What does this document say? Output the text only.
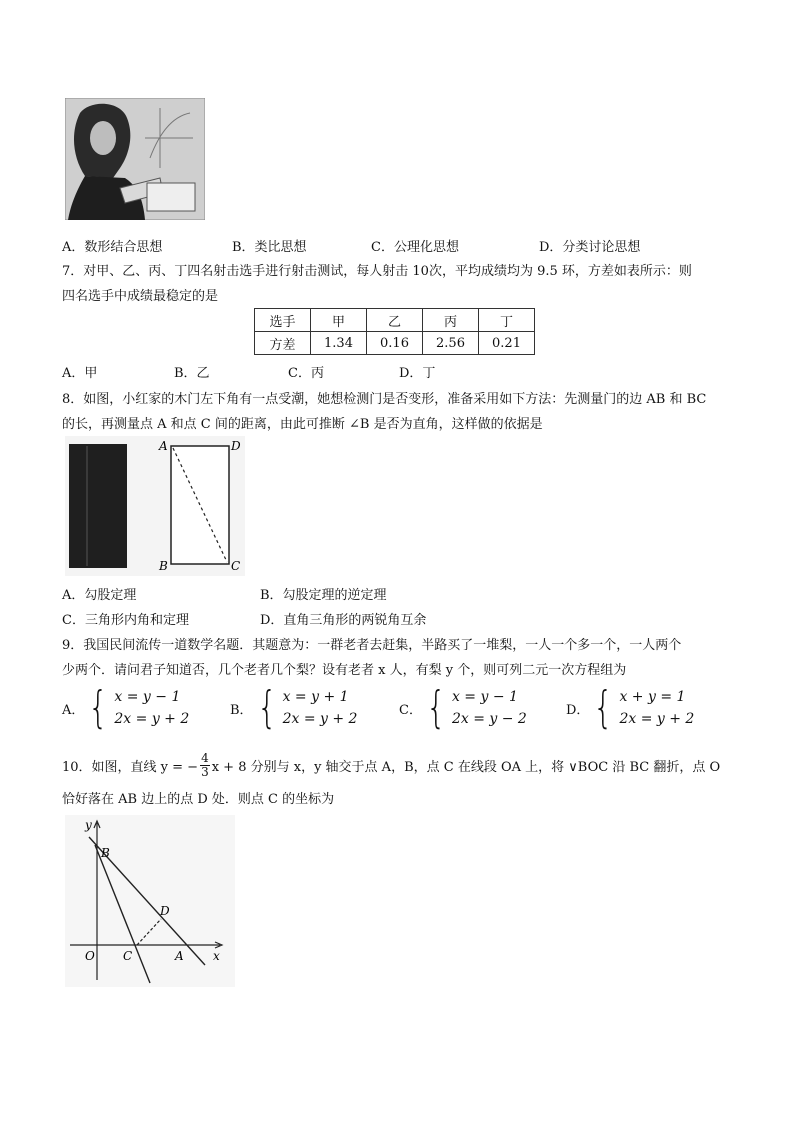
A．数形结合思想	B．类比思想	C．公理化思想	D．分类讨论思想
7．对甲、乙、丙、丁四名射击选手进行射击测试，每人射击 10次，平均成绩均为 9.5 环，方差如表所示：则
四名选手中成绩最稳定的是
选手	甲	乙	丙	丁
方差	1.34	0.16	2.56	0.21
A．甲	B．乙	C．丙	D．丁
8．如图，小红家的木门左下角有一点受潮，她想检测门是否变形，准备采用如下方法：先测量门的边 AB 和 BC
的长，再测量点 A 和点 C 间的距离，由此可推断 ∠B 是否为直角，这样做的依据是
A	D
B	C
A．勾股定理	B．勾股定理的逆定理
C．三角形内角和定理	D．直角三角形的两锐角互余
9．我国民间流传一道数学名题．其题意为：一群老者去赶集，半路买了一堆梨，一人一个多一个，一人两个
少两个．请问君子知道否，几个老者几个梨？设有老者 x 人，有梨 y 个，则可列二元一次方程组为
A． { x = y − 1
2x = y + 2
B． { x = y + 1
2x = y + 2
C． { x = y − 1
2x = y − 2
D． { x + y = 1
2x = y + 2
10．如图，直线 y = − $\frac{4}{3}$ x + 8 分别与 x，y 轴交于点 A，B，点 C 在线段 OA 上，将 ∨BOC 沿 BC 翻折，点 O
恰好落在 AB 边上的点 D 处．则点 C 的坐标为
y
x
B
D
O C	A
